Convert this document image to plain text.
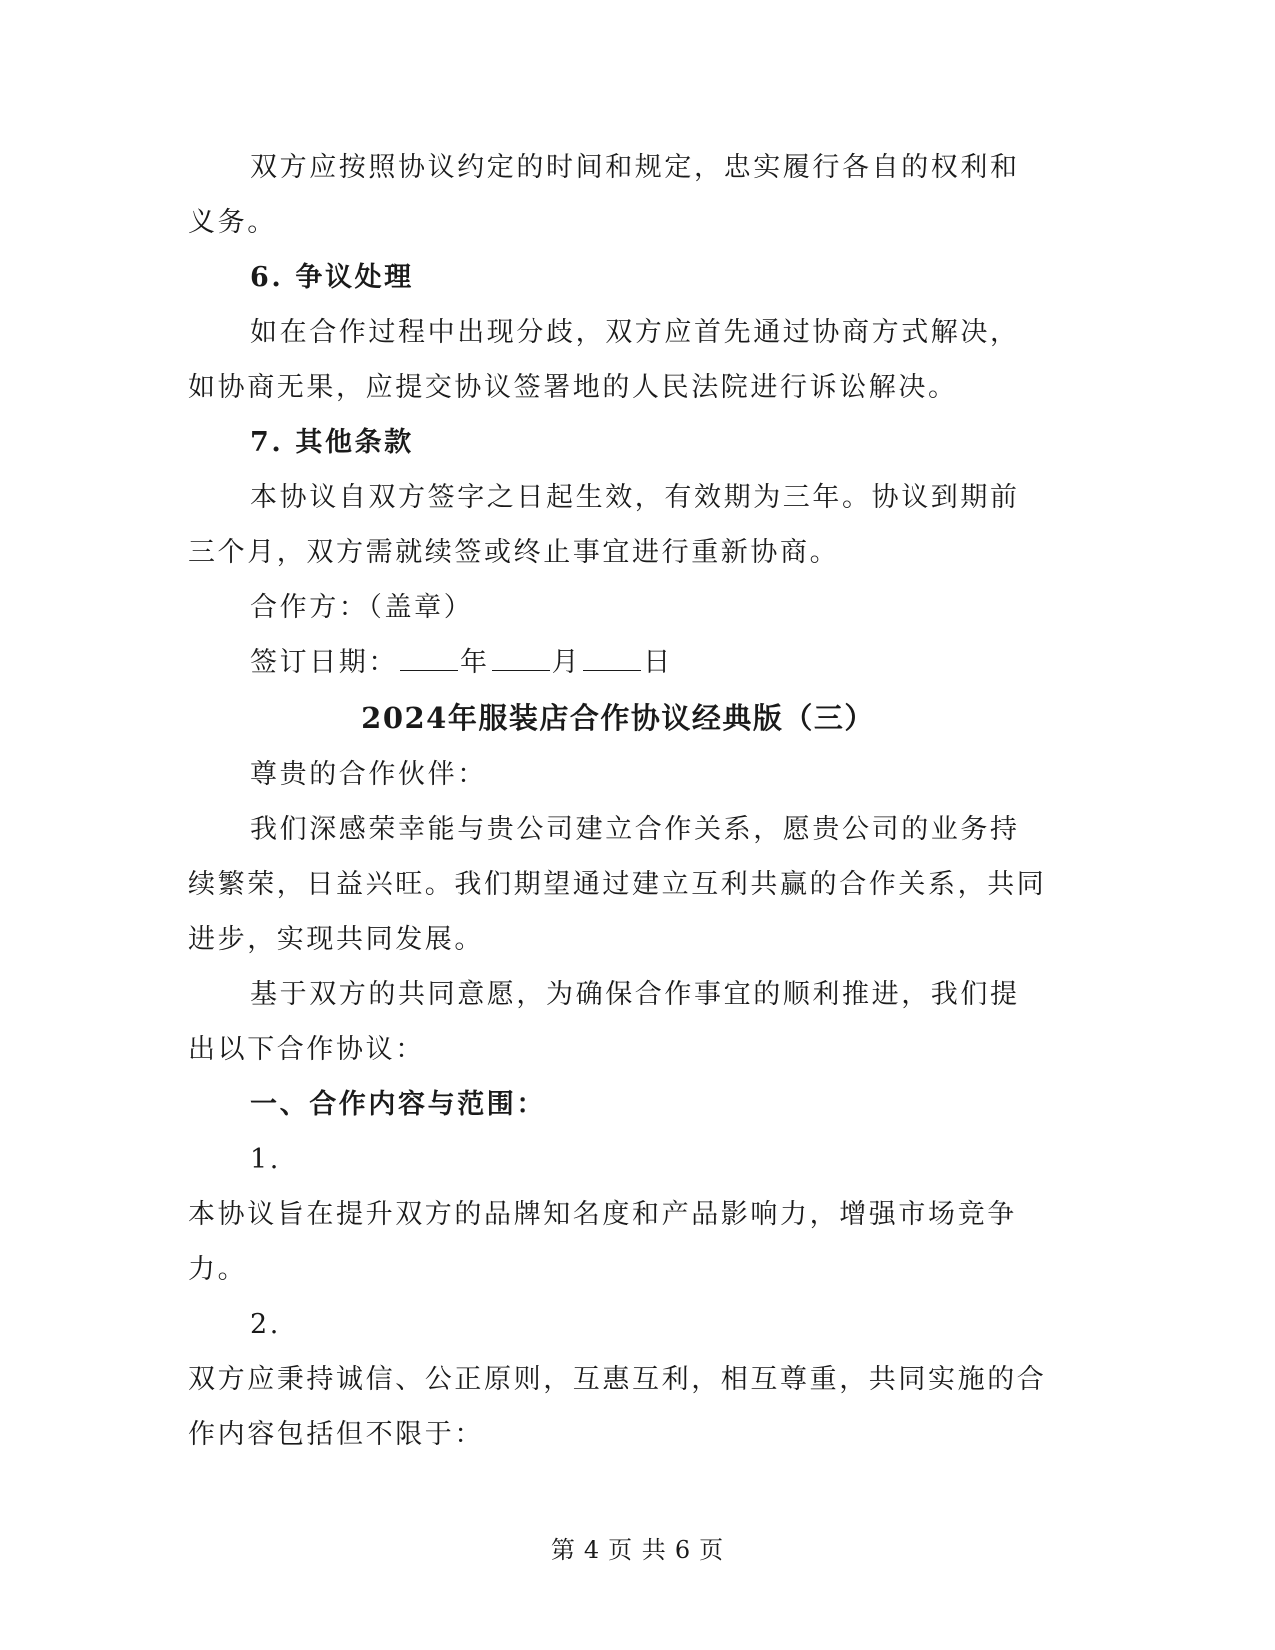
双方应按照协议约定的时间和规定，忠实履行各自的权利和义务。

6. 争议处理

如在合作过程中出现分歧，双方应首先通过协商方式解决，如协商无果，应提交协议签署地的人民法院进行诉讼解决。

7. 其他条款

本协议自双方签字之日起生效，有效期为三年。协议到期前三个月，双方需就续签或终止事宜进行重新协商。

合作方：（盖章）

签订日期： 年 月 日

2024年服装店合作协议经典版（三）

尊贵的合作伙伴：

我们深感荣幸能与贵公司建立合作关系，愿贵公司的业务持续繁荣，日益兴旺。我们期望通过建立互利共赢的合作关系，共同进步，实现共同发展。

基于双方的共同意愿，为确保合作事宜的顺利推进，我们提出以下合作协议：

一、合作内容与范围：

1.

本协议旨在提升双方的品牌知名度和产品影响力，增强市场竞争力。

2.

双方应秉持诚信、公正原则，互惠互利，相互尊重，共同实施的合作内容包括但不限于：

第 4 页 共 6 页
